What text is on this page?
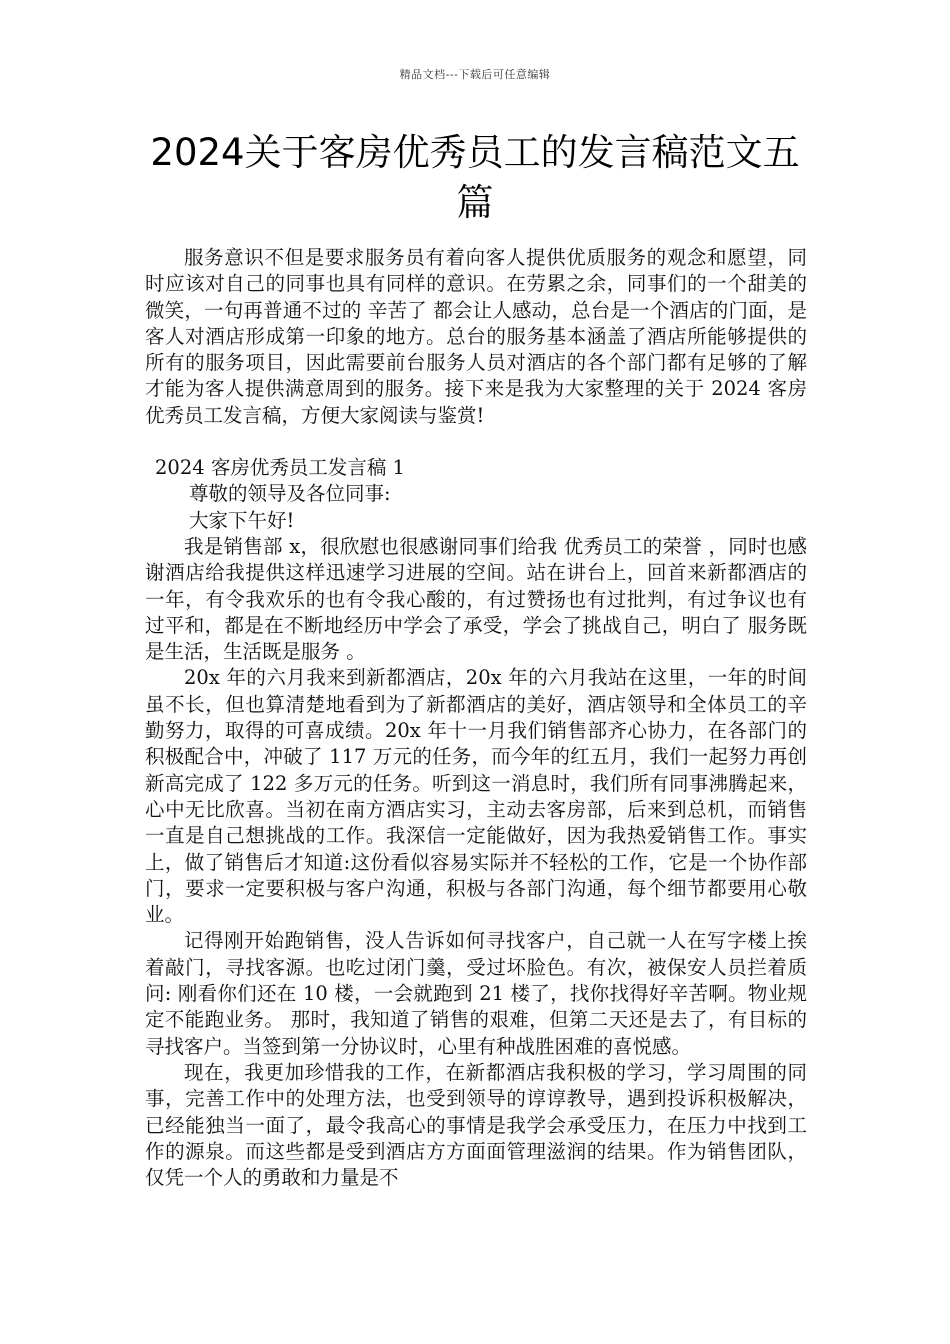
精品文档---下载后可任意编辑
2024关于客房优秀员工的发言稿范文五篇

服务意识不但是要求服务员有着向客人提供优质服务的观念和愿望，同时应该对自己的同事也具有同样的意识。在劳累之余，同事们的一个甜美的微笑，一句再普通不过的 辛苦了 都会让人感动，总台是一个酒店的门面，是客人对酒店形成第一印象的地方。总台的服务基本涵盖了酒店所能够提供的所有的服务项目，因此需要前台服务人员对酒店的各个部门都有足够的了解才能为客人提供满意周到的服务。接下来是我为大家整理的关于 2024 客房优秀员工发言稿，方便大家阅读与鉴赏!

2024 客房优秀员工发言稿 1

尊敬的领导及各位同事:

大家下午好!

我是销售部 x，很欣慰也很感谢同事们给我 优秀员工的荣誉 ，同时也感谢酒店给我提供这样迅速学习进展的空间。站在讲台上，回首来新都酒店的一年，有令我欢乐的也有令我心酸的，有过赞扬也有过批判，有过争议也有过平和，都是在不断地经历中学会了承受，学会了挑战自己，明白了 服务既是生活，生活既是服务 。

20x 年的六月我来到新都酒店，20x 年的六月我站在这里，一年的时间虽不长，但也算清楚地看到为了新都酒店的美好，酒店领导和全体员工的辛勤努力，取得的可喜成绩。20x 年十一月我们销售部齐心协力，在各部门的积极配合中，冲破了 117 万元的任务，而今年的红五月，我们一起努力再创新高完成了 122 多万元的任务。听到这一消息时，我们所有同事沸腾起来，心中无比欣喜。当初在南方酒店实习，主动去客房部，后来到总机，而销售一直是自己想挑战的工作。我深信一定能做好，因为我热爱销售工作。事实上，做了销售后才知道:这份看似容易实际并不轻松的工作，它是一个协作部门，要求一定要积极与客户沟通，积极与各部门沟通，每个细节都要用心敬业。

记得刚开始跑销售，没人告诉如何寻找客户，自己就一人在写字楼上挨着敲门，寻找客源。也吃过闭门羹，受过坏脸色。有次，被保安人员拦着质问: 刚看你们还在 10 楼，一会就跑到 21 楼了，找你找得好辛苦啊。物业规定不能跑业务。 那时，我知道了销售的艰难，但第二天还是去了，有目标的寻找客户。当签到第一分协议时，心里有种战胜困难的喜悦感。

现在，我更加珍惜我的工作，在新都酒店我积极的学习，学习周围的同事，完善工作中的处理方法，也受到领导的谆谆教导，遇到投诉积极解决，已经能独当一面了，最令我高心的事情是我学会承受压力，在压力中找到工作的源泉。而这些都是受到酒店方方面面管理滋润的结果。作为销售团队，仅凭一个人的勇敢和力量是不
